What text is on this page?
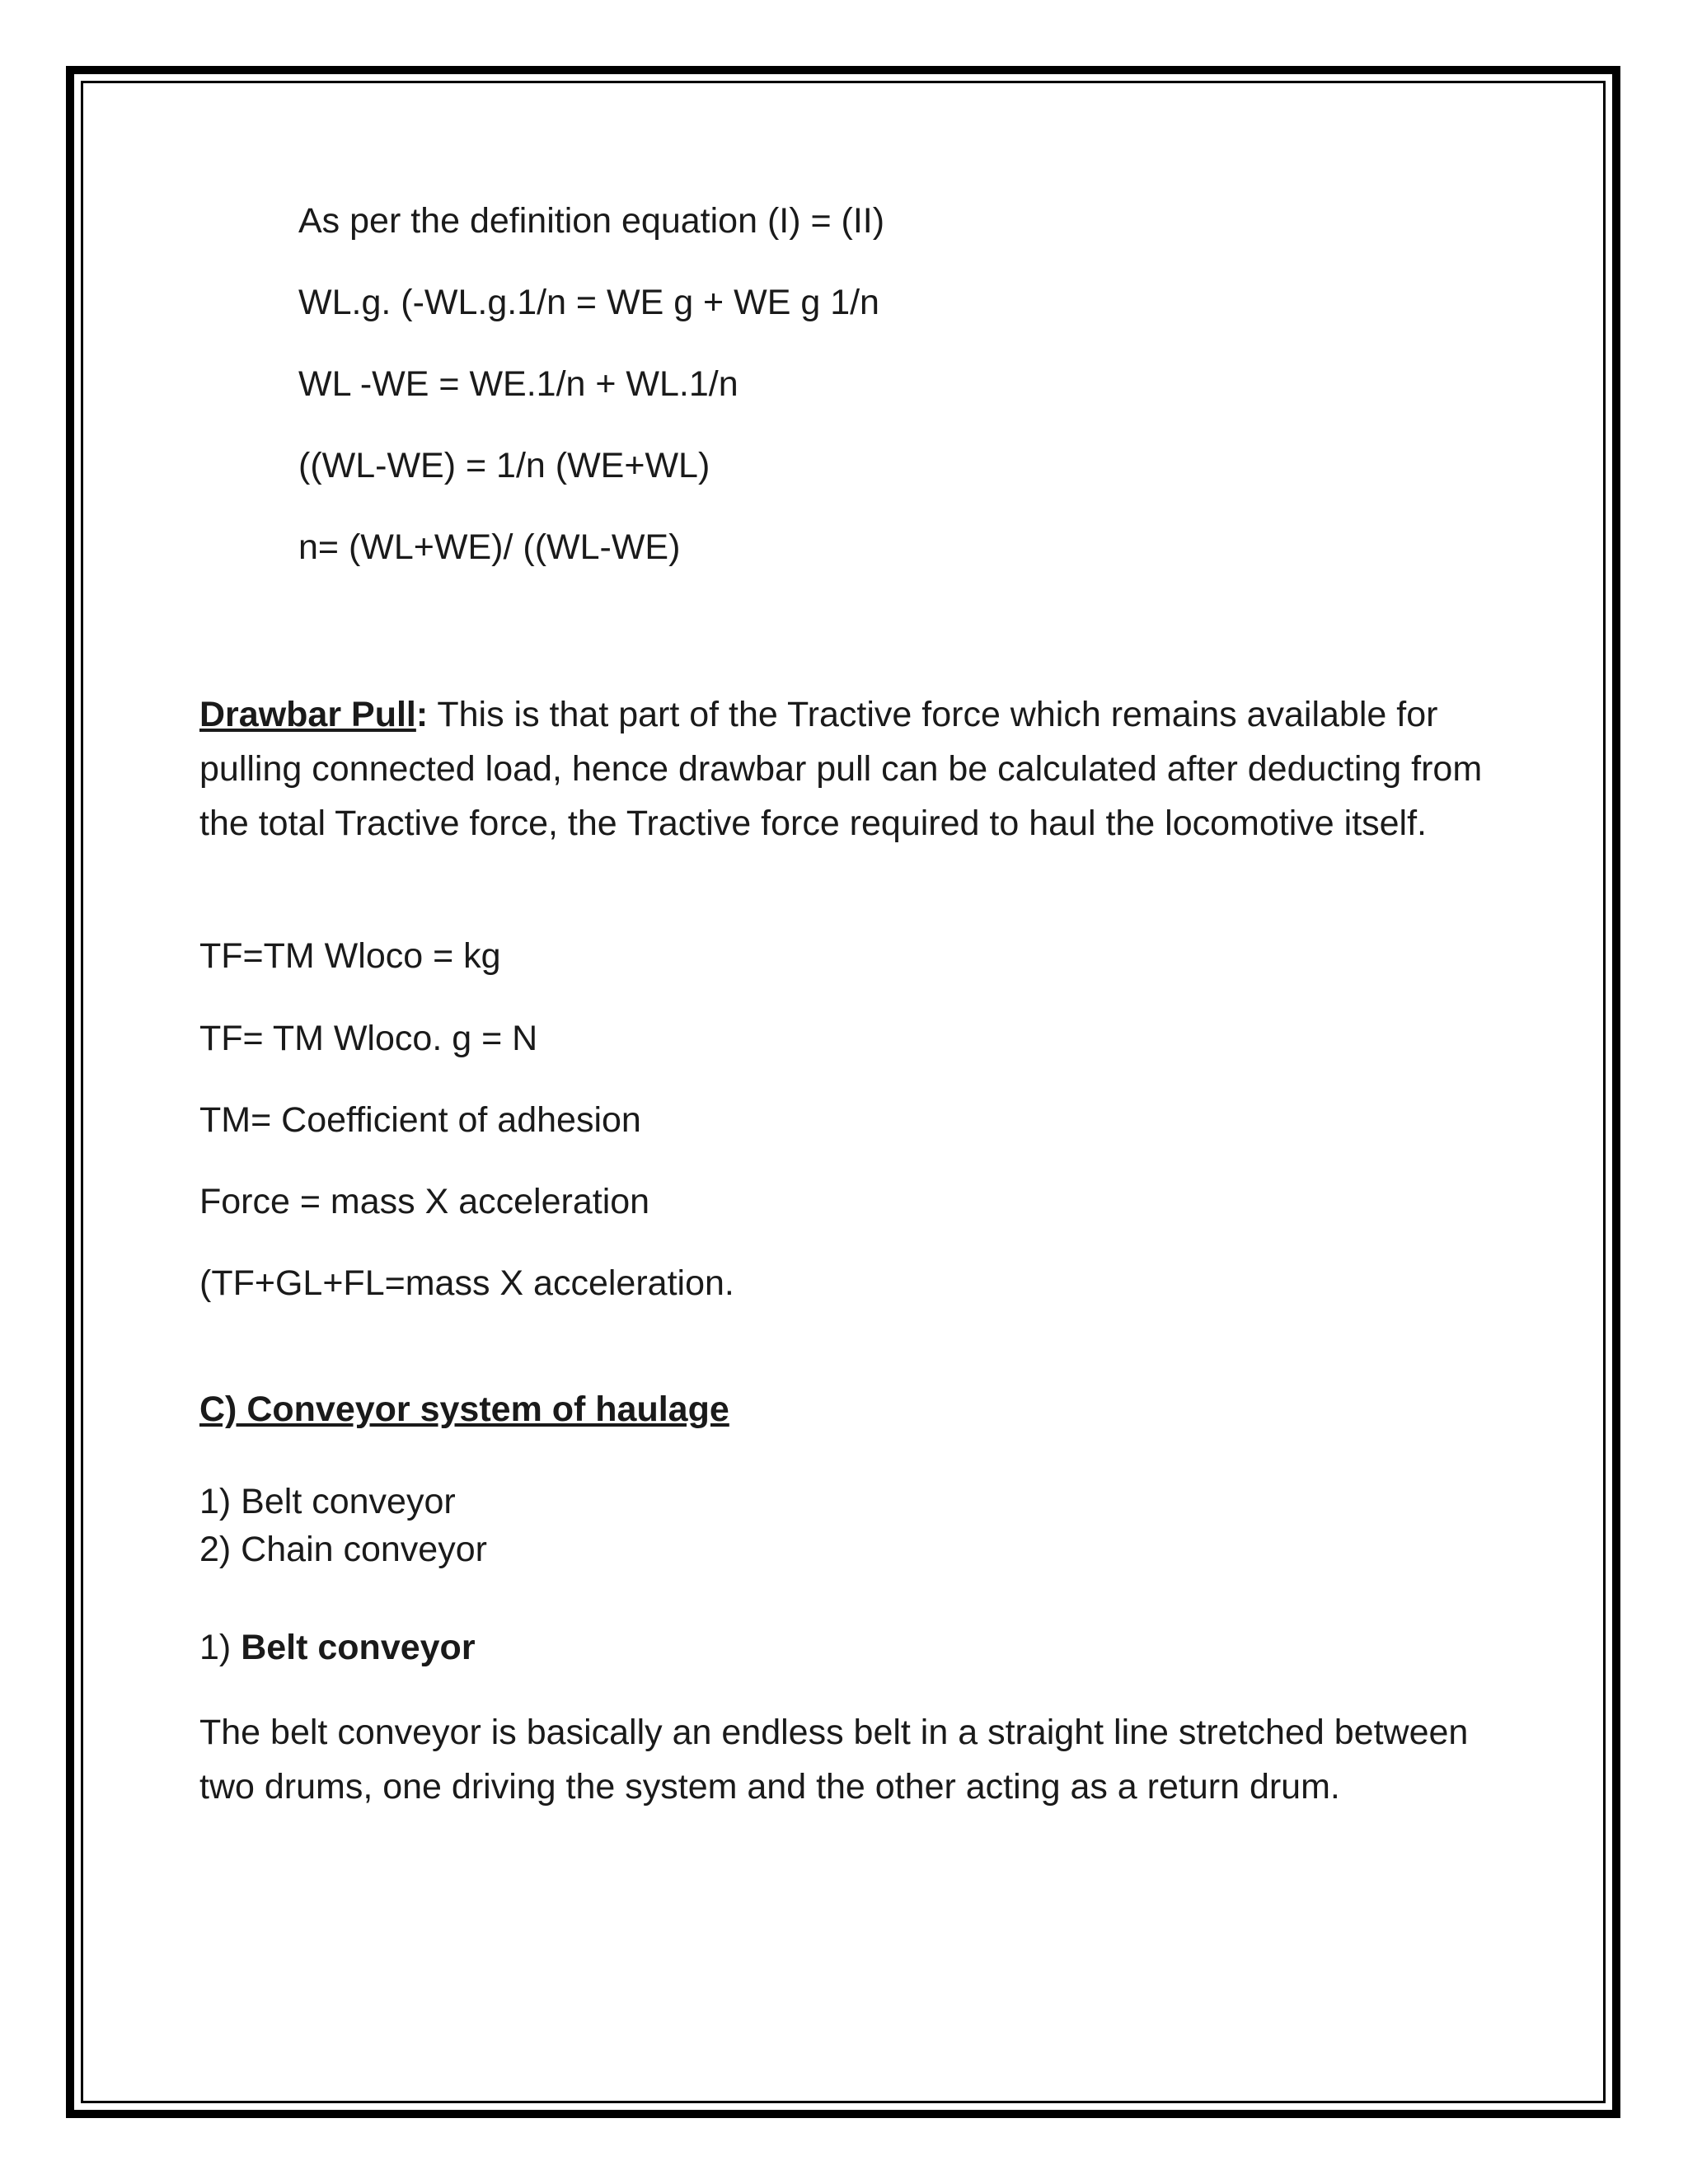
As per the definition equation (I) = (II)
WL.g. (-WL.g.1/n = WE g + WE g 1/n
WL -WE = WE.1/n + WL.1/n
((WL-WE) = 1/n (WE+WL)
n= (WL+WE)/ ((WL-WE)
Drawbar Pull: This is that part of the Tractive force which remains available for pulling connected load, hence drawbar pull can be calculated after deducting from the total Tractive force, the Tractive force required to haul the locomotive itself.
TF=TM Wloco = kg
TF= TM Wloco. g = N
TM= Coefficient of adhesion
Force = mass X acceleration
(TF+GL+FL=mass X acceleration.
C) Conveyor system of haulage
1) Belt conveyor
2) Chain conveyor
1) Belt conveyor
The belt conveyor is basically an endless belt in a straight line stretched between two drums, one driving the system and the other acting as a return drum.
